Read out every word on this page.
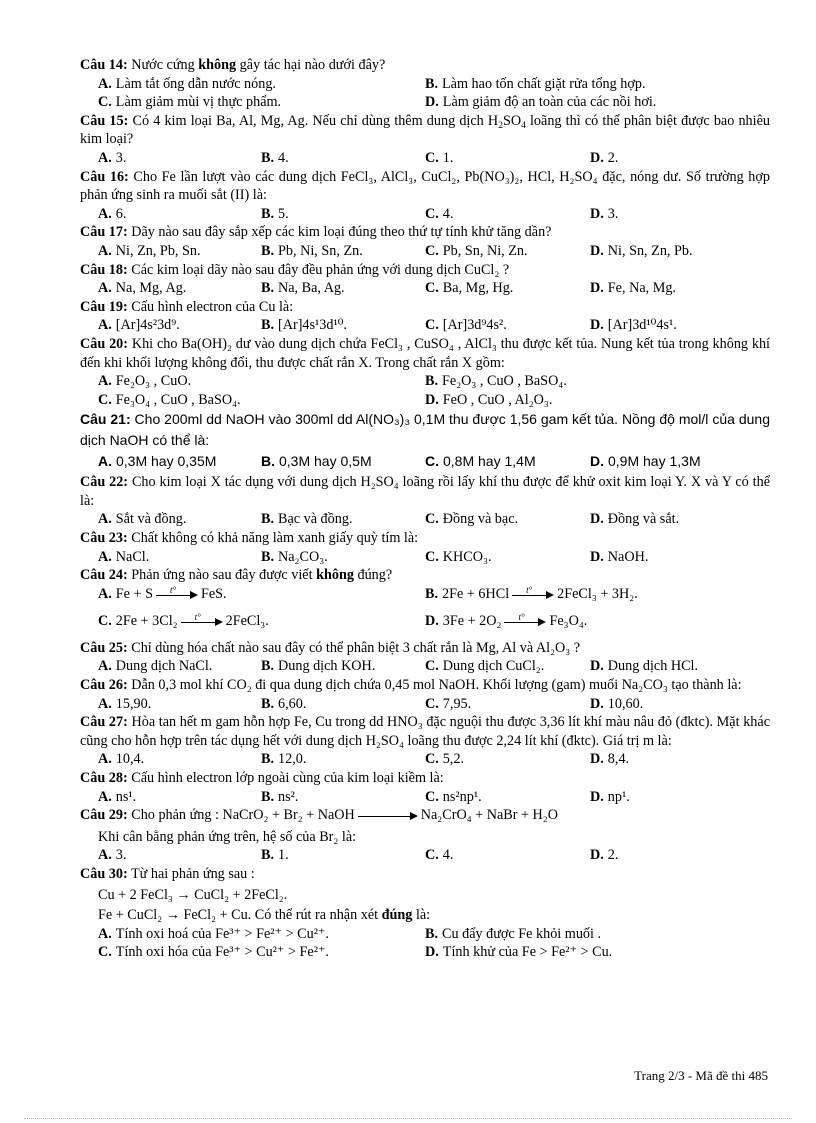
Câu 14: Nước cứng không gây tác hại nào dưới đây?
A. Làm tắt ống dẫn nước nóng.	B. Làm hao tốn chất giặt rửa tổng hợp.
C. Làm giảm mùi vị thực phẩm.	D. Làm giảm độ an toàn của các nồi hơi.
Câu 15: Có 4 kim loại Ba, Al, Mg, Ag. Nếu chỉ dùng thêm dung dịch $H_2SO_4$ loãng thì có thể phân biệt được bao nhiêu kim loại?
A. 3.	B. 4.	C. 1.	D. 2.
Câu 16: Cho Fe lần lượt vào các dung dịch FeCl₃, AlCl₃, CuCl₂, Pb(NO₃)₂, HCl, H₂SO₄ đặc, nóng dư. Số trường hợp phản ứng sinh ra muối sắt (II) là:
A. 6.	B. 5.	C. 4.	D. 3.
Câu 17: Dãy nào sau đây sắp xếp các kim loại đúng theo thứ tự tính khử tăng dần?
A. Ni, Zn, Pb, Sn.	B. Pb, Ni, Sn, Zn.	C. Pb, Sn, Ni, Zn.	D. Ni, Sn, Zn, Pb.
Câu 18: Các kim loại dãy nào sau đây đều phản ứng với dung dịch CuCl₂ ?
A. Na, Mg, Ag.	B. Na, Ba, Ag.	C. Ba, Mg, Hg.	D. Fe, Na, Mg.
Câu 19: Cấu hình electron của Cu là:
A. [Ar]4s²3d⁹.	B. [Ar]4s¹3d¹⁰.	C. [Ar]3d⁹4s².	D. [Ar]3d¹⁰4s¹.
Câu 20: Khi cho Ba(OH)₂ dư vào dung dịch chứa FeCl₃ , CuSO₄ , AlCl₃ thu được kết tủa. Nung kết tủa trong không khí đến khi khối lượng không đổi, thu được chất rắn X. Trong chất rắn X gồm:
A. Fe₂O₃ , CuO.	B. Fe₂O₃ , CuO , BaSO₄.
C. Fe₃O₄ , CuO , BaSO₄.	D. FeO , CuO , Al₂O₃.
Câu 21: Cho 200ml dd NaOH vào 300ml dd Al(NO₃)₃ 0,1M thu được 1,56 gam kết tủa. Nồng độ mol/l của dung dịch NaOH có thể là:
A. 0,3M hay 0,35M	B. 0,3M hay 0,5M	C. 0,8M hay 1,4M	D. 0,9M hay 1,3M
Câu 22: Cho kim loại X tác dụng với dung dịch H₂SO₄ loãng rồi lấy khí thu được để khử oxit kim loại Y. X và Y có thể là:
A. Sắt và đồng.	B. Bạc và đồng.	C. Đồng và bạc.	D. Đồng và sắt.
Câu 23: Chất không có khả năng làm xanh giấy quỳ tím là:
A. NaCl.	B. Na₂CO₃.	C. KHCO₃.	D. NaOH.
Câu 24: Phản ứng nào sau đây được viết không đúng?
A. Fe + S t° FeS.	B. 2Fe + 6HCl t° 2FeCl₃ + 3H₂.
C. 2Fe + 3Cl₂ t° 2FeCl₃.	D. 3Fe + 2O₂ t° Fe₃O₄.
Câu 25: Chỉ dùng hóa chất nào sau đây có thể phân biệt 3 chất rắn là Mg, Al và Al₂O₃ ?
A. Dung dịch NaCl.	B. Dung dịch KOH.	C. Dung dịch CuCl₂.	D. Dung dịch HCl.
Câu 26: Dẫn 0,3 mol khí CO₂ đi qua dung dịch chứa 0,45 mol NaOH. Khối lượng (gam) muối Na₂CO₃ tạo thành là:
A. 15,90.	B. 6,60.	C. 7,95.	D. 10,60.
Câu 27: Hòa tan hết m gam hỗn hợp Fe, Cu trong dd HNO₃ đặc nguội thu được 3,36 lít khí màu nâu đỏ (đktc). Mặt khác cũng cho hỗn hợp trên tác dụng hết với dung dịch H₂SO₄ loãng thu được 2,24 lít khí (đktc). Giá trị m là:
A. 10,4.	B. 12,0.	C. 5,2.	D. 8,4.
Câu 28: Cấu hình electron lớp ngoài cùng của kim loại kiềm là:
A. ns¹.	B. ns².	C. ns²np¹.	D. np¹.
Câu 29: Cho phản ứng : NaCrO₂ + Br₂ + NaOH	Na₂CrO₄ + NaBr + H₂O
Khi cân bằng phản ứng trên, hệ số của Br₂ là:
A. 3.	B. 1.	C. 4.	D. 2.
Câu 30: Từ hai phản ứng sau :
Cu + 2 FeCl₃ → CuCl₂ + 2FeCl₂.
Fe + CuCl₂ → FeCl₂ + Cu. Có thể rút ra nhận xét đúng là:
A. Tính oxi hoá của Fe³⁺ > Fe²⁺ > Cu²⁺.	B. Cu đẩy được Fe khỏi muối .
C. Tính oxi hóa của Fe³⁺ > Cu²⁺ > Fe²⁺.	D. Tính khử của Fe > Fe²⁺ > Cu.
Trang 2/3 - Mã đề thi 485
